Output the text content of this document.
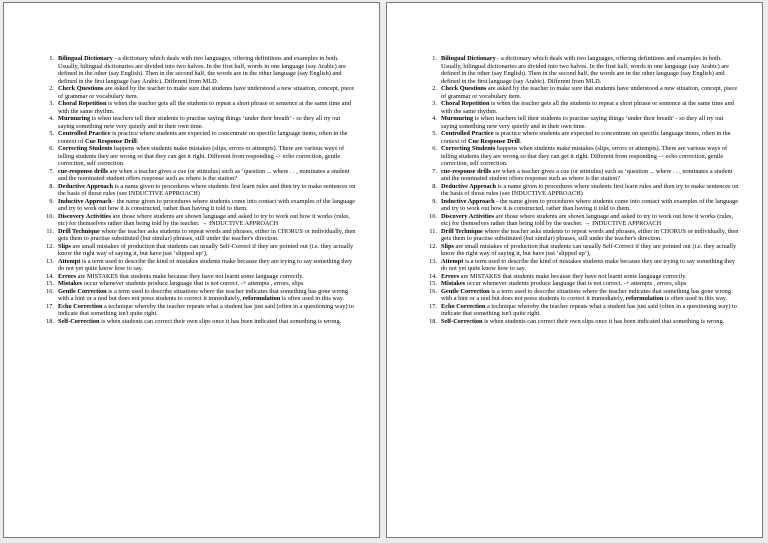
1. Bilingual Dictionary - a dictionary which deals with two languages, offering definitions and examples in both. Usually, bilingual dictionaries are divided into two halves. In the first half, words in one language (say Arabic) are defined in the other (say English). Then in the second half, the words are in the other language (say English) and defined in the first language (say Arabic). Different from MLD.
2. Check Questions are asked by the teacher to make sure that students have understood a new situation, concept, piece of grammar or vocabulary item.
3. Choral Repetition is when the teacher gets all the students to repeat a short phrase or sentence at the same time and with the same rhythm.
4. Murmuring is when teachers tell their students to practise saying things ‘under their breath’ - so they all try out saying something new very quietly and in their own time.
5. Controlled Practice is practice where students are expected to concentrate on specific language items, often in the context of Cue Response Drill.
6. Correcting Students happens when students make mistakes (slips, errors or attempts). There are various ways of telling students they are wrong so that they can get it right. Different from responding -> echo correction, gentle correction, self correction.
7. cue-response drills are when a teacher gives a cue (or stimulus) such as ‘question ... where . . , nominates a student and the nominated student offers response such as where is the station?
8. Deductive Approach is a name given to procedures where students first learn rules and then try to make sentences on the basis of those rules (see INDUCTIVE APPROACH)
9. Inductive Approach - the name given to procedures where students come into contact with examples of the language and try to work out how it is constructed, rather than having it told to them.
10. Discovery Activities are those where students are shown language and asked to try to work out how it works (rules, etc) for themselves rather than being told by the teacher. → INDUCTIVE APPROACH
11. Drill Technique where the teacher asks students to repeat words and phrases, either in CHORUS or individually, then gets them to practise substituted (but similar) phrases, still under the teacher's direction.
12. Slips are small mistakes of production that students can usually Self-Correct if they are pointed out (i.e. they actually know the right way of saying it, but have just ‘slipped up’),
13. Attempt is a term used to describe the kind of mistakes students make because they are trying to say something they do not yet quite know how to say.
14. Errors are MISTAKES that students make because they have not learnt some language correctly.
15. Mistakes occur whenever students produce language that is not correct. -+ attempts , errors, slips
16. Gentle Correction is a term used to describe situations where the teacher indicates that something has gone wrong with a hint or a nod but does not press students to correct it immediately, reformulation is often used in this way.
17. Echo Correction a technique whereby the teacher repeats what a student has just said (often in a questioning way) to indicate that something isn't quite right.
18. Self-Correction is when students can correct their own slips once it has been indicated that something is wrong.
1. Bilingual Dictionary - a dictionary which deals with two languages, offering definitions and examples in both. Usually, bilingual dictionaries are divided into two halves. In the first half, words in one language (say Arabic) are defined in the other (say English). Then in the second half, the words are in the other language (say English) and defined in the first language (say Arabic). Different from MLD.
2. Check Questions are asked by the teacher to make sure that students have understood a new situation, concept, piece of grammar or vocabulary item.
3. Choral Repetition is when the teacher gets all the students to repeat a short phrase or sentence at the same time and with the same rhythm.
4. Murmuring is when teachers tell their students to practise saying things ‘under their breath’ - so they all try out saying something new very quietly and in their own time.
5. Controlled Practice is practice where students are expected to concentrate on specific language items, often in the context of Cue Response Drill.
6. Correcting Students happens when students make mistakes (slips, errors or attempts). There are various ways of telling students they are wrong so that they can get it right. Different from responding -> echo correction, gentle correction, self correction.
7. cue-response drills are when a teacher gives a cue (or stimulus) such as ‘question ... where . . , nominates a student and the nominated student offers response such as where is the station?
8. Deductive Approach is a name given to procedures where students first learn rules and then try to make sentences on the basis of those rules (see INDUCTIVE APPROACH)
9. Inductive Approach - the name given to procedures where students come into contact with examples of the language and try to work out how it is constructed, rather than having it told to them.
10. Discovery Activities are those where students are shown language and asked to try to work out how it works (rules, etc) for themselves rather than being told by the teacher. → INDUCTIVE APPROACH
11. Drill Technique where the teacher asks students to repeat words and phrases, either in CHORUS or individually, then gets them to practise substituted (but similar) phrases, still under the teacher's direction.
12. Slips are small mistakes of production that students can usually Self-Correct if they are pointed out (i.e. they actually know the right way of saying it, but have just ‘slipped up’),
13. Attempt is a term used to describe the kind of mistakes students make because they are trying to say something they do not yet quite know how to say.
14. Errors are MISTAKES that students make because they have not learnt some language correctly.
15. Mistakes occur whenever students produce language that is not correct. -+ attempts , errors, slips
16. Gentle Correction is a term used to describe situations where the teacher indicates that something has gone wrong with a hint or a nod but does not press students to correct it immediately, reformulation is often used in this way.
17. Echo Correction a technique whereby the teacher repeats what a student has just said (often in a questioning way) to indicate that something isn't quite right.
18. Self-Correction is when students can correct their own slips once it has been indicated that something is wrong.
